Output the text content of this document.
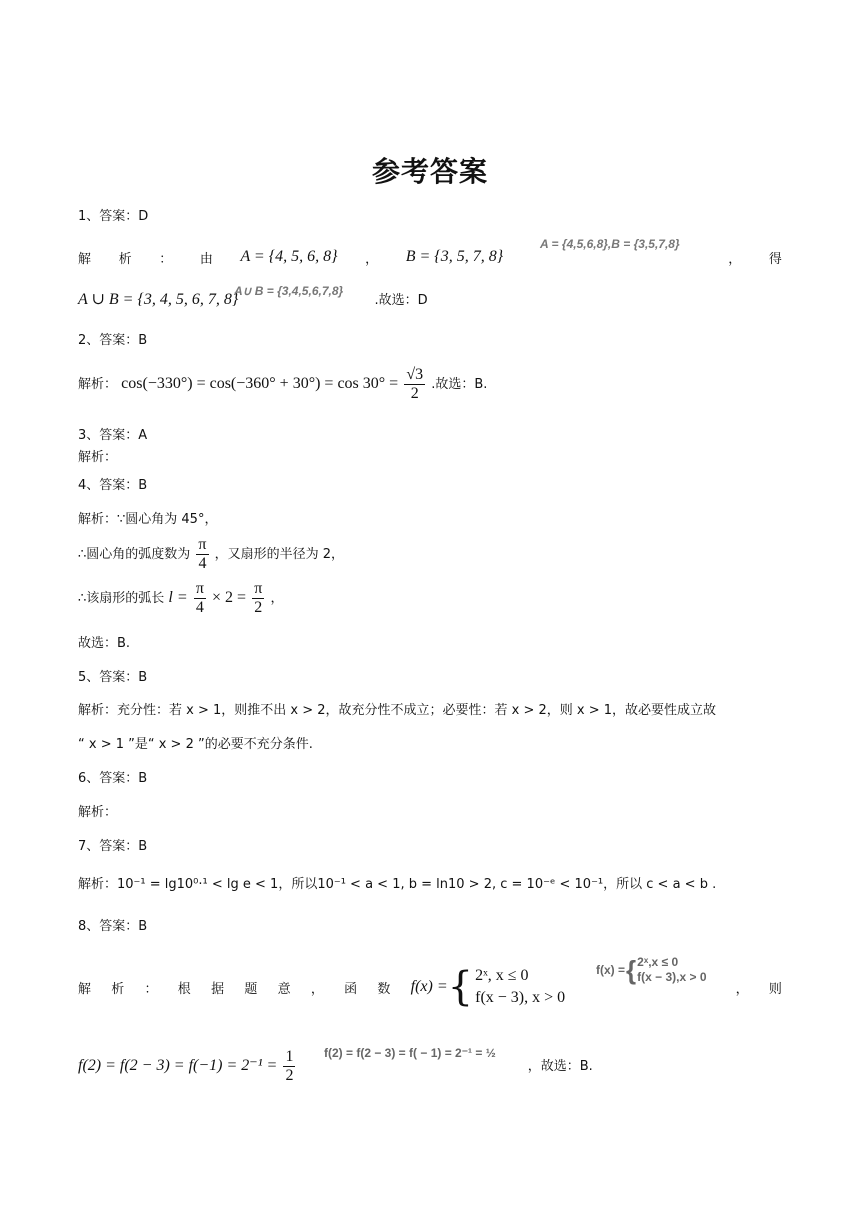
参考答案
1、答案：D
解 析 ： 由 A = {4, 5, 6, 8} ， B = {3, 5, 7, 8}	， 得
A = {4,5,6,8},B = {3,5,7,8}
A ∪ B = {3, 4, 5, 6, 7, 8}	.故选：D
A∪ B = {3,4,5,6,7,8}
2、答案：B
解析： $\cos(-330^\circ) = \cos(-360^\circ + 30^\circ) = \cos 30^\circ = \frac{√3}{2}$ .故选：B.
3、答案：A
解析：
4、答案：B
解析：∵圆心角为 45°，
∴圆心角的弧度数为 $\frac{\pi}{4}$ ，又扇形的半径为 2，
∴该扇形的弧长 $l = \frac{\pi}{4} \times 2 = \frac{\pi}{2}$ ，
故选：B.
5、答案：B
解析：充分性：若 x > 1，则推不出 x > 2，故充分性不成立；必要性：若 x > 2，则 x > 1，故必要性成立故
“ x > 1 ”是“ x > 2 ”的必要不充分条件.
6、答案：B
解析：
7、答案：B
解析：10⁻¹ = lg10⁰·¹ < lg e < 1，所以10⁻¹ < a < 1, b = ln10 > 2, c = 10⁻ᵉ < 10⁻¹，所以 c < a < b .
8、答案：B
解 析 ： 根 据 题 意 ， 函 数 f(x) = { 2ˣ, x ≤ 0
f(x − 3), x > 0	， 则
f(x) = { 2ˣ,x ≤ 0
f(x − 3),x > 0
$f(2) = f(2 - 3) = f(-1) = 2^{-1} = \frac{1}{2}$	，故选：B.
f(2) = f(2 − 3) = f( − 1) = 2⁻¹ = ½
